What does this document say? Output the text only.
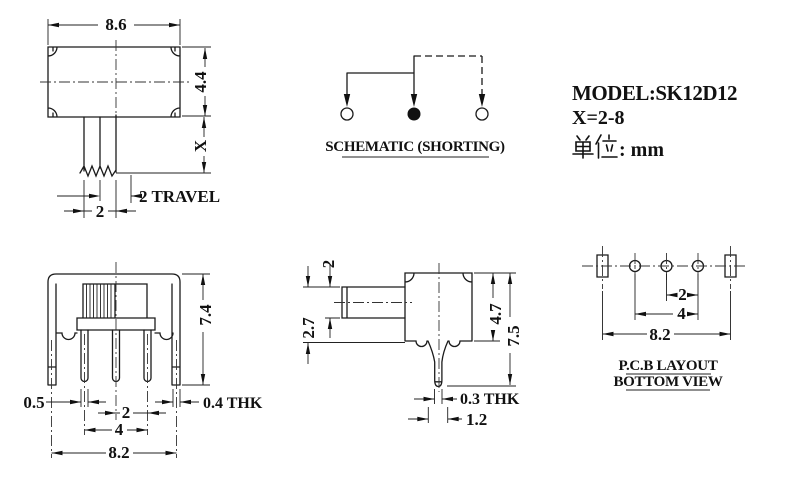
8.6
4.4
X
2 TRAVEL
2
SCHEMATIC (SHORTING)
MODEL:SK12D12
X=2-8
: mm
7.4
0.5	0.4 THK
2
4
8.2
2
2.7
4.7
7.5
0.3 THK
1.2
2
4
8.2
P.C.B LAYOUT
BOTTOM VIEW
